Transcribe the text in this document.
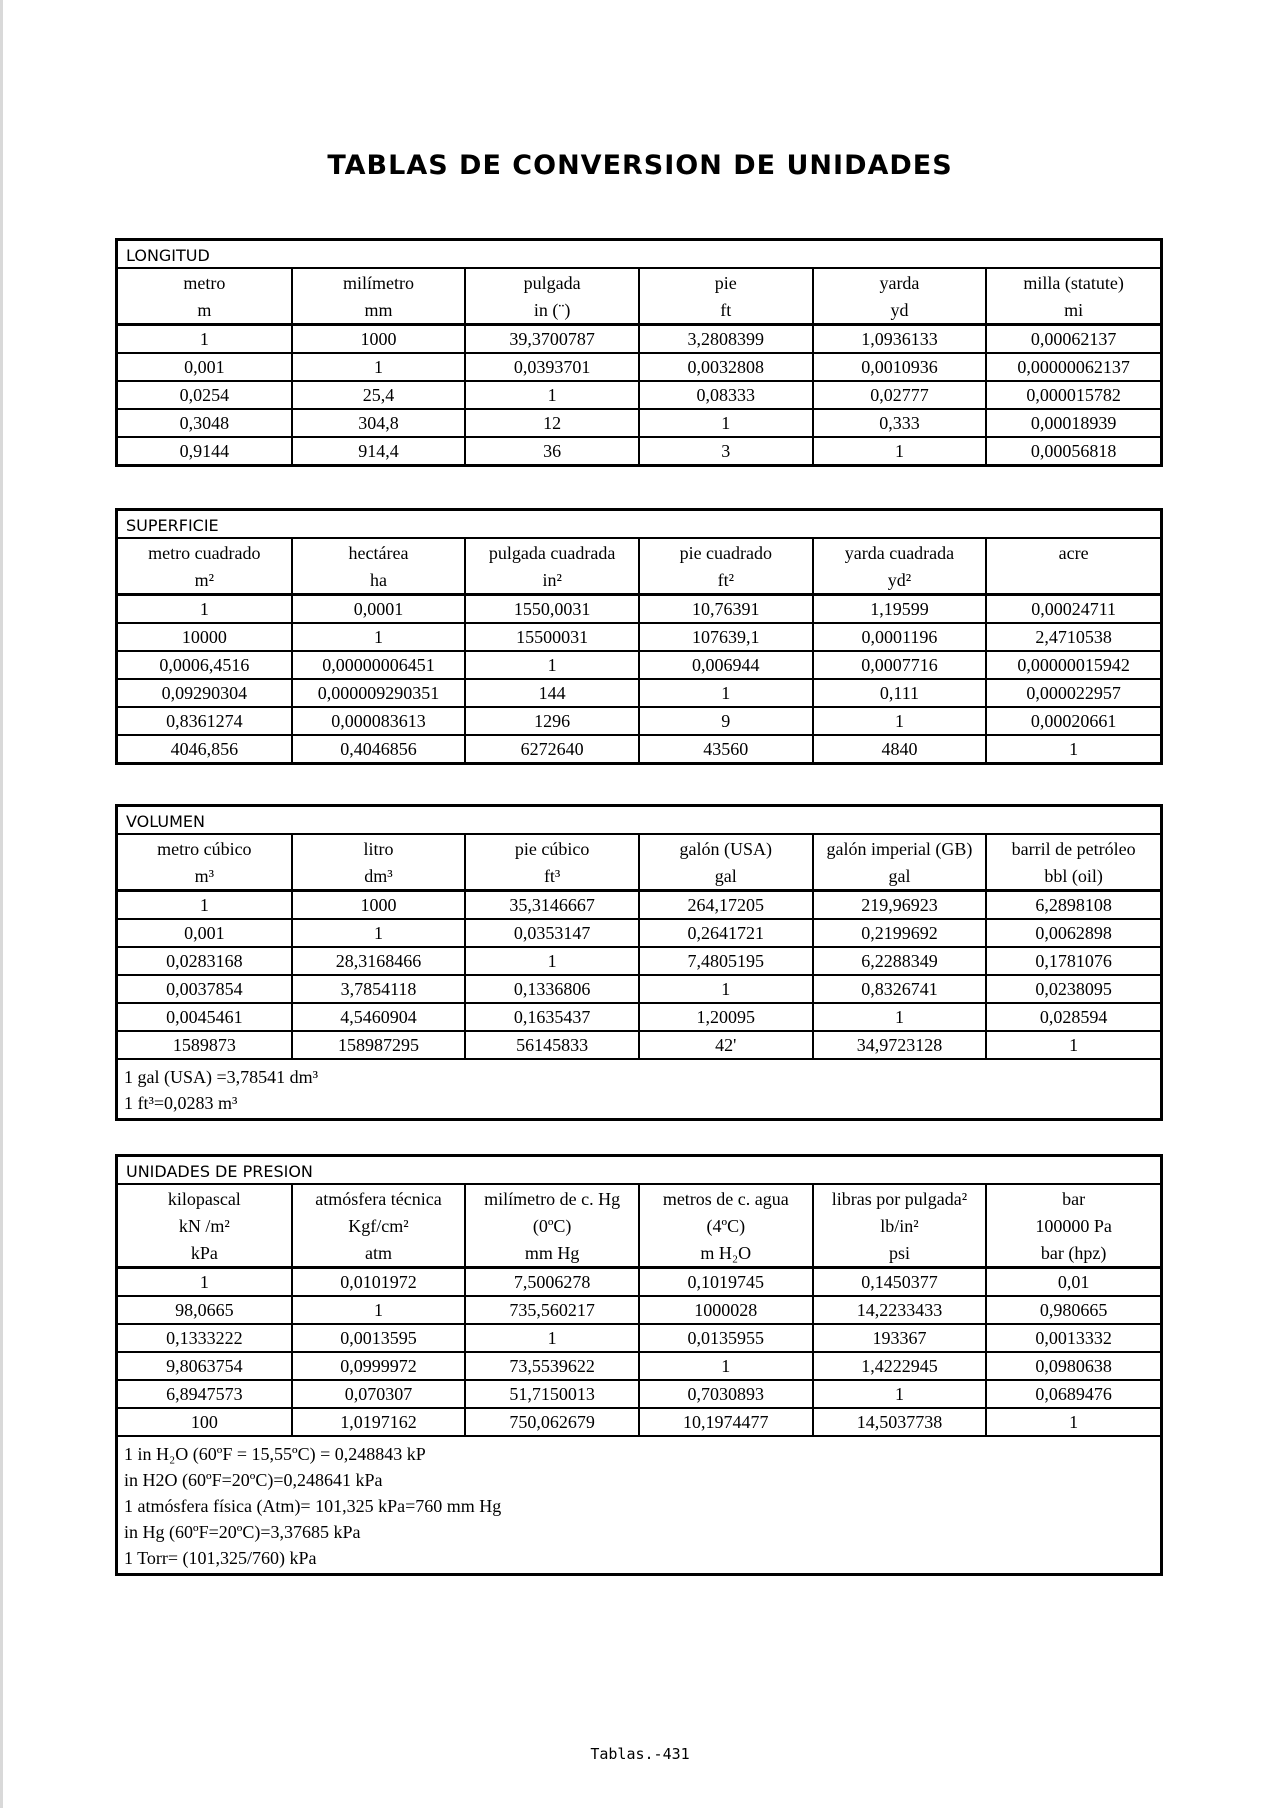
TABLAS DE CONVERSION DE UNIDADES
LONGITUD
metro	milímetro	pulgada	pie	yarda	milla (statute)
m	mm	in (¨)	ft	yd	mi
1	1000	39,3700787	3,2808399	1,0936133	0,00062137
0,001	1	0,0393701	0,0032808	0,0010936	0,00000062137
0,0254	25,4	1	0,08333	0,02777	0,000015782
0,3048	304,8	12	1	0,333	0,00018939
0,9144	914,4	36	3	1	0,00056818
SUPERFICIE
metro cuadrado	hectárea	pulgada cuadrada	pie cuadrado	yarda cuadrada	acre
m²	ha	in²	ft²	yd²	
1	0,0001	1550,0031	10,76391	1,19599	0,00024711
10000	1	15500031	107639,1	0,0001196	2,4710538
0,0006,4516	0,00000006451	1	0,006944	0,0007716	0,00000015942
0,09290304	0,000009290351	144	1	0,111	0,000022957
0,8361274	0,000083613	1296	9	1	0,00020661
4046,856	0,4046856	6272640	43560	4840	1
VOLUMEN
metro cúbico	litro	pie cúbico	galón (USA)	galón imperial (GB)	barril de petróleo
m³	dm³	ft³	gal	gal	bbl (oil)
1	1000	35,3146667	264,17205	219,96923	6,2898108
0,001	1	0,0353147	0,2641721	0,2199692	0,0062898
0,0283168	28,3168466	1	7,4805195	6,2288349	0,1781076
0,0037854	3,7854118	0,1336806	1	0,8326741	0,0238095
0,0045461	4,5460904	0,1635437	1,20095	1	0,028594
1589873	158987295	56145833	42'	34,9723128	1
1 gal (USA) =3,78541 dm³
1 ft³=0,0283 m³
UNIDADES DE PRESION
kilopascal	atmósfera técnica	milímetro de c. Hg	metros de c. agua	libras por pulgada²	bar
kN /m²	Kgf/cm²	(0ºC)	(4ºC)	lb/in²	100000 Pa
kPa	atm	mm Hg	m H₂O	psi	bar (hpz)
1	0,0101972	7,5006278	0,1019745	0,1450377	0,01
98,0665	1	735,560217	1000028	14,2233433	0,980665
0,1333222	0,0013595	1	0,0135955	193367	0,0013332
9,8063754	0,0999972	73,5539622	1	1,4222945	0,0980638
6,8947573	0,070307	51,7150013	0,7030893	1	0,0689476
100	1,0197162	750,062679	10,1974477	14,5037738	1
1 in H₂O (60ºF = 15,55ºC) = 0,248843 kP
in H2O (60ºF=20ºC)=0,248641 kPa
1 atmósfera física (Atm)= 101,325 kPa=760 mm Hg
in Hg (60ºF=20ºC)=3,37685 kPa
1 Torr= (101,325/760) kPa
Tablas.-431
